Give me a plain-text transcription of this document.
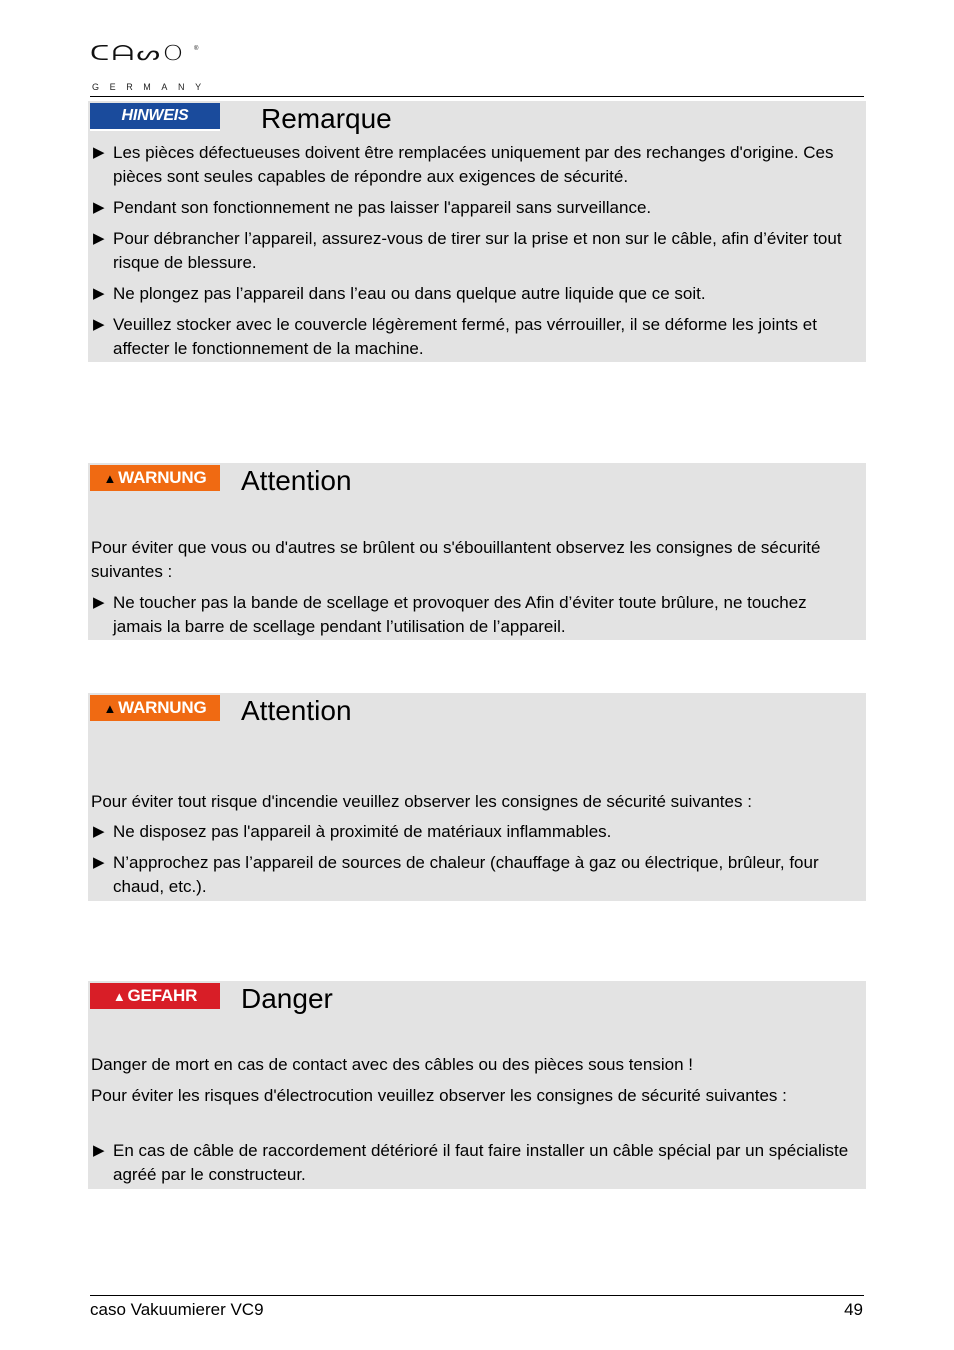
ᑕᗩᔕO ®
GERMANY
HINWEIS	Remarque
▶ Les pièces défectueuses doivent être remplacées uniquement par des rechanges d'origine. Ces pièces sont seules capables de répondre aux exigences de sécurité.
▶ Pendant son fonctionnement ne pas laisser l'appareil sans surveillance.
▶ Pour débrancher l’appareil, assurez-vous de tirer sur la prise et non sur le câble, afin d’éviter tout risque de blessure.
▶ Ne plongez pas l’appareil dans l’eau ou dans quelque autre liquide que ce soit.
▶ Veuillez stocker avec le couvercle légèrement fermé, pas vérrouiller, il se déforme les joints et affecter le fonctionnement de la machine.
▲ WARNUNG Attention
Pour éviter que vous ou d'autres se brûlent ou s'ébouillantent observez les consignes de sécurité suivantes :
▶ Ne toucher pas la bande de scellage et provoquer des Afin d’éviter toute brûlure, ne touchez jamais la barre de scellage pendant l’utilisation de l’appareil.
▲ WARNUNG Attention
Pour éviter tout risque d'incendie veuillez observer les consignes de sécurité suivantes :
▶ Ne disposez pas l'appareil à proximité de matériaux inflammables.
▶ N’approchez pas l’appareil de sources de chaleur (chauffage à gaz ou électrique, brûleur, four chaud, etc.).
▲ GEFAHR Danger
Danger de mort en cas de contact avec des câbles ou des pièces sous tension !
Pour éviter les risques d'électrocution veuillez observer les consignes de sécurité suivantes :
▶ En cas de câble de raccordement détérioré il faut faire installer un câble spécial par un spécialiste agréé par le constructeur.
caso Vakuumierer VC9	49
